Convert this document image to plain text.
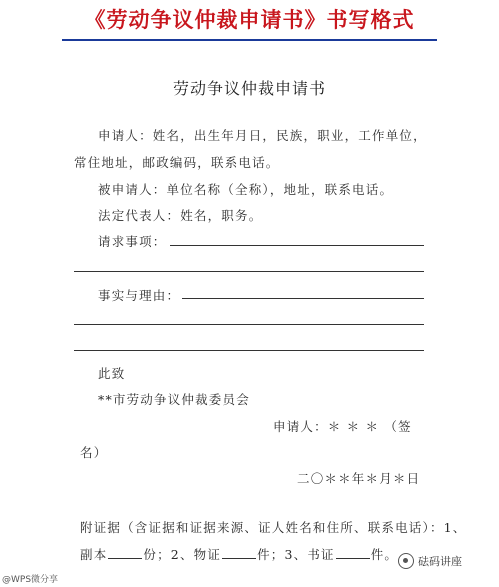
《劳动争议仲裁申请书》书写格式
劳动争议仲裁申请书
申请人：姓名，出生年月日，民族，职业，工作单位，
常住地址，邮政编码，联系电话。
被申请人：单位名称（全称），地址，联系电话。
法定代表人：姓名，职务。
请求事项：
事实与理由：
此致
**市劳动争议仲裁委员会
申请人：＊ ＊ ＊ （签
名）
二〇＊＊年＊月＊日
附证据（含证据和证据来源、证人姓名和住所、联系电话）：1、
副本	份；2、物证	件；3、书证	件。
@WPS微分享
砝码讲座
